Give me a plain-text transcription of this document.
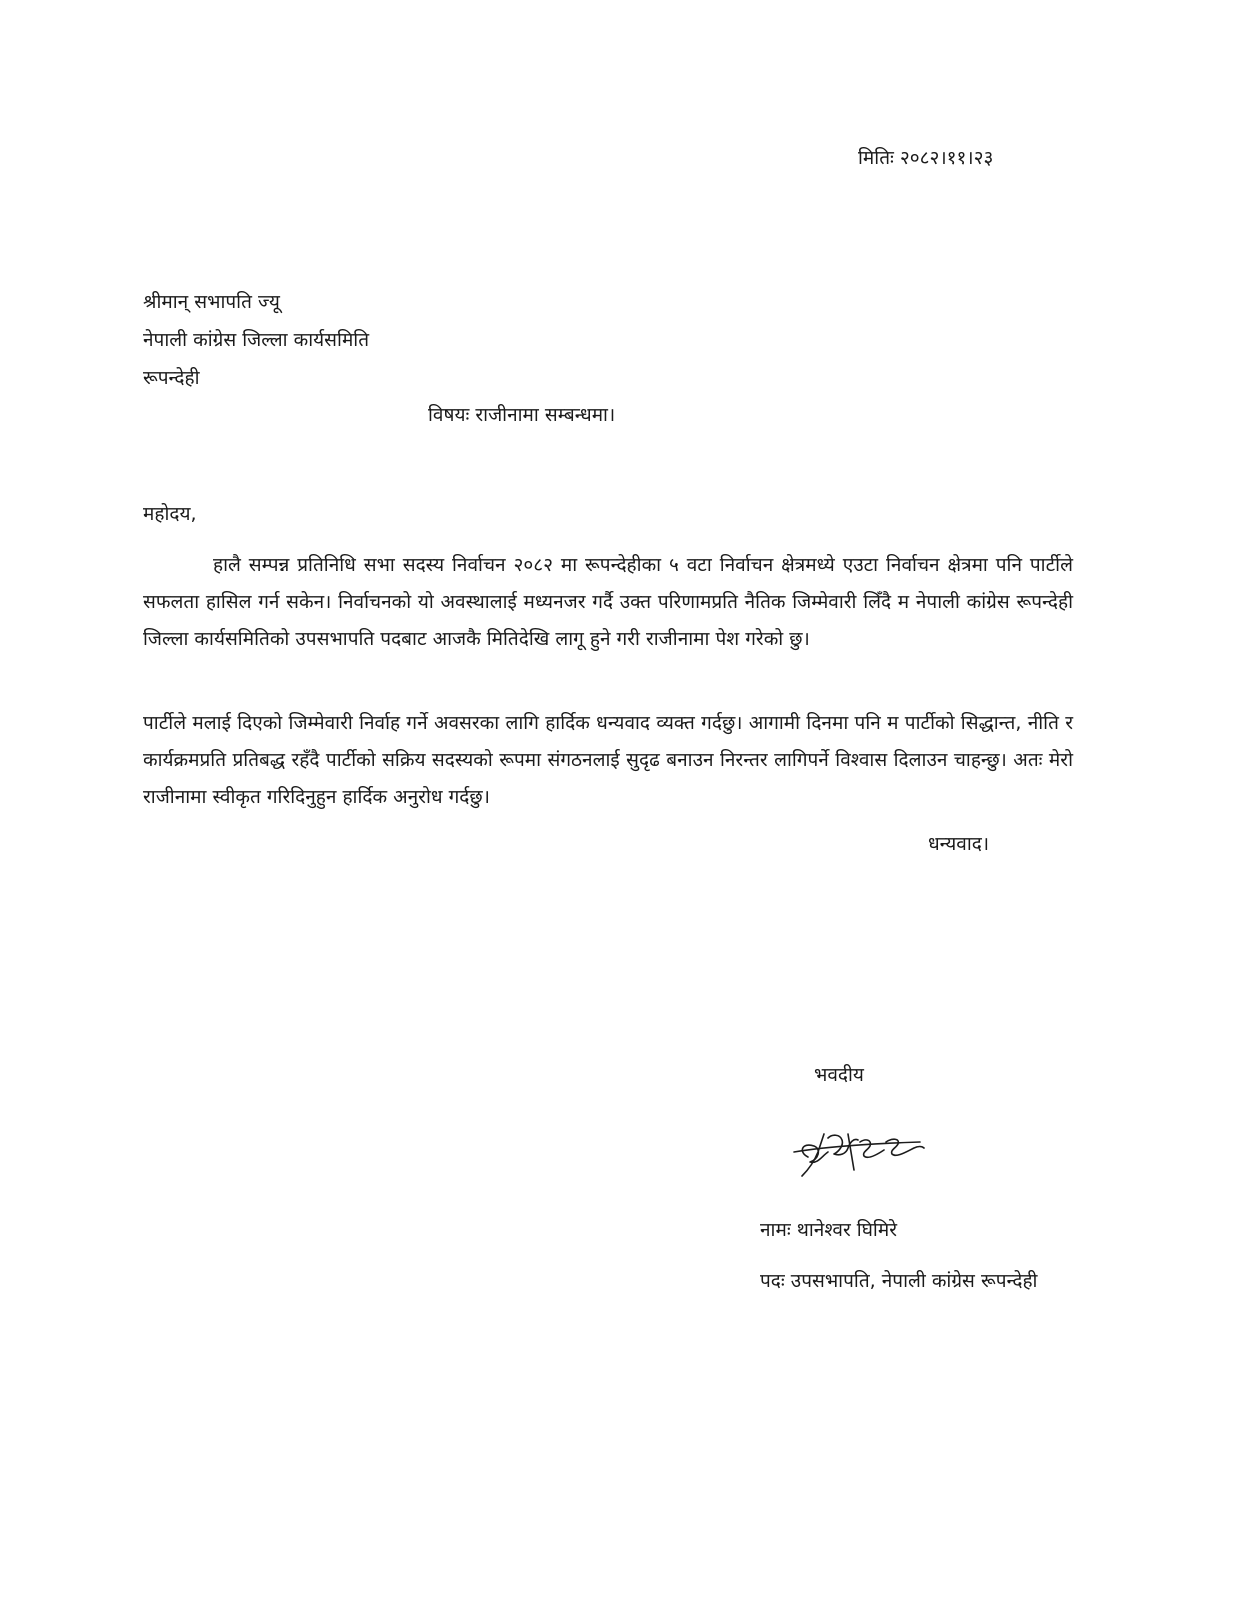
मितिः २०८२।११।२३
श्रीमान् सभापति ज्यू
नेपाली कांग्रेस जिल्ला कार्यसमिति
रूपन्देही
विषयः राजीनामा सम्बन्धमा।
महोदय,
हालै सम्पन्न प्रतिनिधि सभा सदस्य निर्वाचन २०८२ मा रूपन्देहीका ५ वटा निर्वाचन क्षेत्रमध्ये एउटा निर्वाचन क्षेत्रमा पनि पार्टीले सफलता हासिल गर्न सकेन। निर्वाचनको यो अवस्थालाई मध्यनजर गर्दै उक्त परिणामप्रति नैतिक जिम्मेवारी लिँदै म नेपाली कांग्रेस रूपन्देही जिल्ला कार्यसमितिको उपसभापति पदबाट आजकै मितिदेखि लागू हुने गरी राजीनामा पेश गरेको छु।
पार्टीले मलाई दिएको जिम्मेवारी निर्वाह गर्ने अवसरका लागि हार्दिक धन्यवाद व्यक्त गर्दछु। आगामी दिनमा पनि म पार्टीको सिद्धान्त, नीति र कार्यक्रमप्रति प्रतिबद्ध रहँदै पार्टीको सक्रिय सदस्यको रूपमा संगठनलाई सुदृढ बनाउन निरन्तर लागिपर्ने विश्वास दिलाउन चाहन्छु। अतः मेरो राजीनामा स्वीकृत गरिदिनुहुन हार्दिक अनुरोध गर्दछु।
धन्यवाद।
भवदीय
नामः थानेश्वर घिमिरे
पदः उपसभापति, नेपाली कांग्रेस रूपन्देही
